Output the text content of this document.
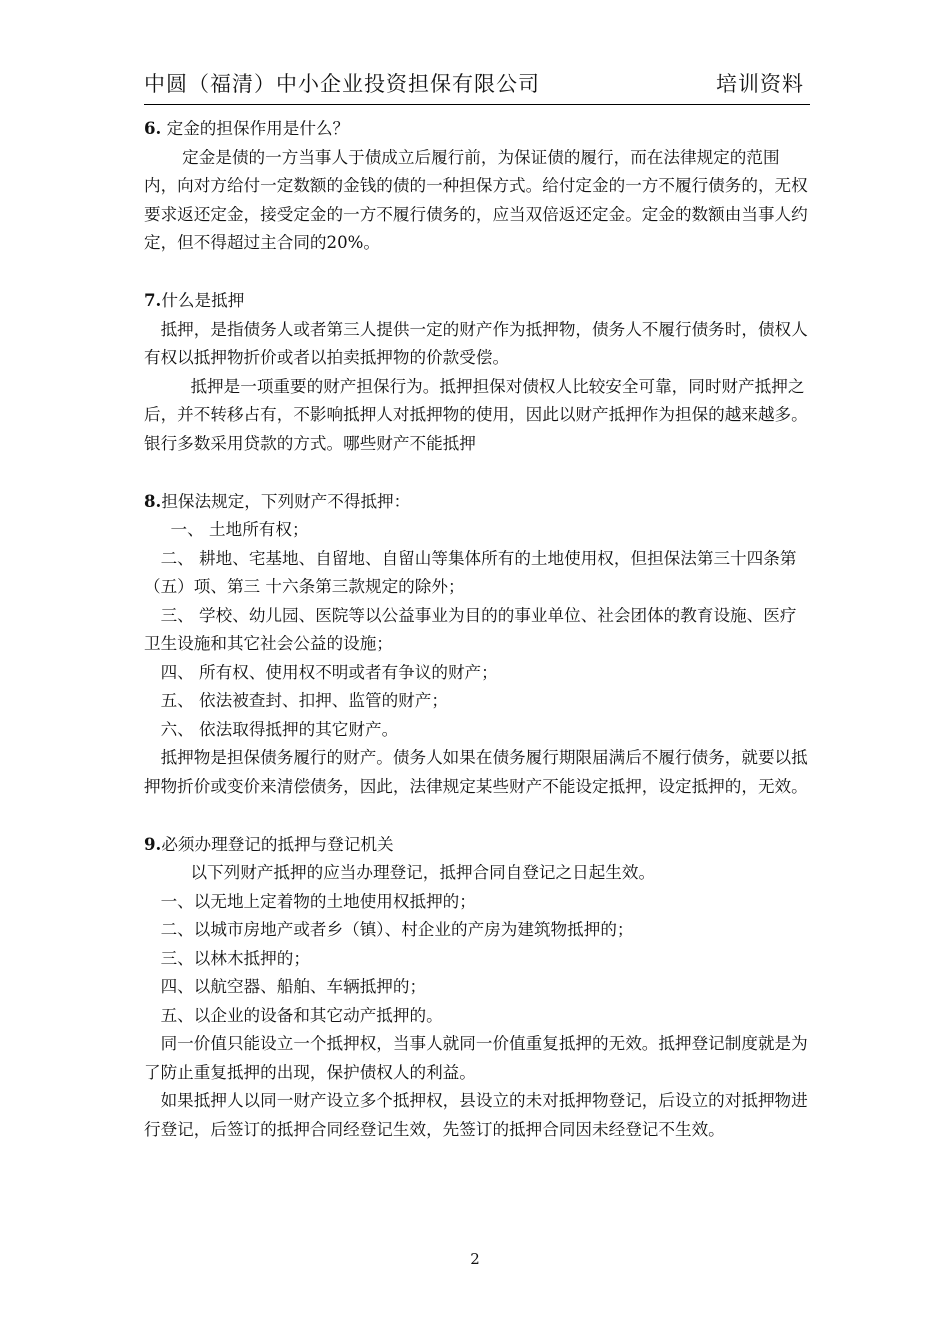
中圆（福清）中小企业投资担保有限公司	培训资料

6. 定金的担保作用是什么？

定金是债的一方当事人于债成立后履行前，为保证债的履行，而在法律规定的范围内，向对方给付一定数额的金钱的债的一种担保方式。给付定金的一方不履行债务的，无权要求返还定金，接受定金的一方不履行债务的，应当双倍返还定金。定金的数额由当事人约定，但不得超过主合同的20%。

7.什么是抵押

抵押，是指债务人或者第三人提供一定的财产作为抵押物，债务人不履行债务时，债权人有权以抵押物折价或者以拍卖抵押物的价款受偿。

抵押是一项重要的财产担保行为。抵押担保对债权人比较安全可靠，同时财产抵押之后，并不转移占有，不影响抵押人对抵押物的使用，因此以财产抵押作为担保的越来越多。银行多数采用贷款的方式。哪些财产不能抵押

8.担保法规定，下列财产不得抵押：

一、 土地所有权；

二、 耕地、宅基地、自留地、自留山等集体所有的土地使用权，但担保法第三十四条第（五）项、第三 十六条第三款规定的除外；

三、 学校、幼儿园、医院等以公益事业为目的的事业单位、社会团体的教育设施、医疗卫生设施和其它社会公益的设施；

四、 所有权、使用权不明或者有争议的财产；

五、 依法被查封、扣押、监管的财产；

六、 依法取得抵押的其它财产。

抵押物是担保债务履行的财产。债务人如果在债务履行期限届满后不履行债务，就要以抵押物折价或变价来清偿债务，因此，法律规定某些财产不能设定抵押，设定抵押的，无效。

9.必须办理登记的抵押与登记机关

以下列财产抵押的应当办理登记，抵押合同自登记之日起生效。

一、以无地上定着物的土地使用权抵押的；

二、以城市房地产或者乡（镇）、村企业的产房为建筑物抵押的；

三、以林木抵押的；

四、以航空器、船舶、车辆抵押的；

五、以企业的设备和其它动产抵押的。

同一价值只能设立一个抵押权，当事人就同一价值重复抵押的无效。抵押登记制度就是为了防止重复抵押的出现，保护债权人的利益。

如果抵押人以同一财产设立多个抵押权，县设立的未对抵押物登记，后设立的对抵押物进行登记，后签订的抵押合同经登记生效，先签订的抵押合同因未经登记不生效。

2
